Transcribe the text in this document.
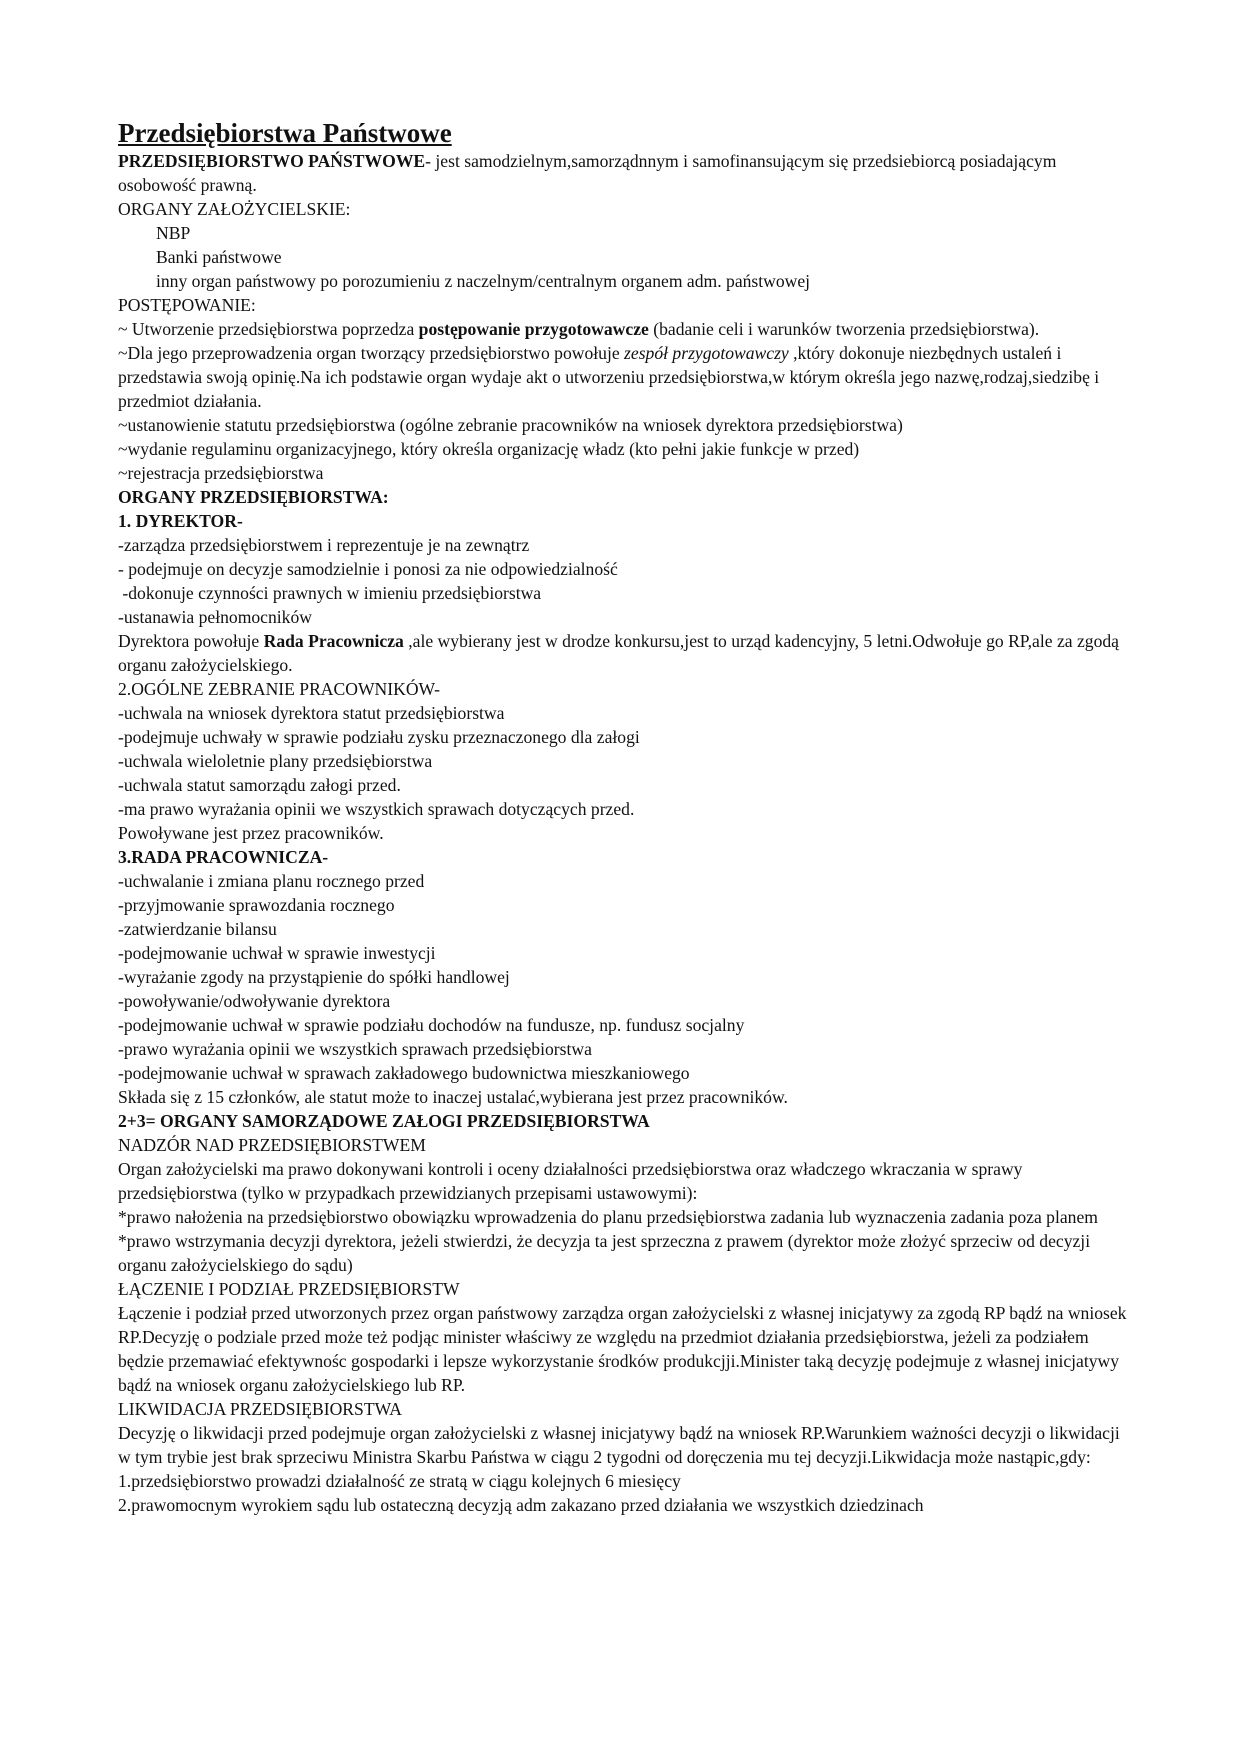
Przedsiębiorstwa Państwowe

PRZEDSIĘBIORSTWO PAŃSTWOWE- jest samodzielnym,samorządnnym i samofinansującym się przedsiebiorcą posiadającym osobowość prawną.

ORGANY ZAŁOŻYCIELSKIE:

NBP

Banki państwowe

inny organ państwowy po porozumieniu z naczelnym/centralnym organem adm. państwowej

POSTĘPOWANIE:

~ Utworzenie przedsiębiorstwa poprzedza postępowanie przygotowawcze (badanie celi i warunków tworzenia przedsiębiorstwa).

~Dla jego przeprowadzenia organ tworzący przedsiębiorstwo powołuje zespół przygotowawczy ,który dokonuje niezbędnych ustaleń i przedstawia swoją opinię.Na ich podstawie organ wydaje akt o utworzeniu przedsiębiorstwa,w którym określa jego nazwę,rodzaj,siedzibę i przedmiot działania.

~ustanowienie statutu przedsiębiorstwa (ogólne zebranie pracowników na wniosek dyrektora przedsiębiorstwa)

~wydanie regulaminu organizacyjnego, który określa organizację władz (kto pełni jakie funkcje w przed)

~rejestracja przedsiębiorstwa

ORGANY PRZEDSIĘBIORSTWA:

1. DYREKTOR-

-zarządza przedsiębiorstwem i reprezentuje je na zewnątrz

- podejmuje on decyzje samodzielnie i ponosi za nie odpowiedzialność

-dokonuje czynności prawnych w imieniu przedsiębiorstwa

-ustanawia pełnomocników

Dyrektora powołuje Rada Pracownicza ,ale wybierany jest w drodze konkursu,jest to urząd kadencyjny, 5 letni.Odwołuje go RP,ale za zgodą organu założycielskiego.

2.OGÓLNE ZEBRANIE PRACOWNIKÓW-

-uchwala na wniosek dyrektora statut przedsiębiorstwa

-podejmuje uchwały w sprawie podziału zysku przeznaczonego dla załogi

-uchwala wieloletnie plany przedsiębiorstwa

-uchwala statut samorządu załogi przed.

-ma prawo wyrażania opinii we wszystkich sprawach dotyczących przed.

Powoływane jest przez pracowników.

3.RADA PRACOWNICZA-

-uchwalanie i zmiana planu rocznego przed

-przyjmowanie sprawozdania rocznego

-zatwierdzanie bilansu

-podejmowanie uchwał w sprawie inwestycji

-wyrażanie zgody na przystąpienie do spółki handlowej

-powoływanie/odwoływanie dyrektora

-podejmowanie uchwał w sprawie podziału dochodów na fundusze, np. fundusz socjalny

-prawo wyrażania opinii we wszystkich sprawach przedsiębiorstwa

-podejmowanie uchwał w sprawach zakładowego budownictwa mieszkaniowego

Składa się z 15 członków, ale statut może to inaczej ustalać,wybierana jest przez pracowników.

2+3= ORGANY SAMORZĄDOWE ZAŁOGI PRZEDSIĘBIORSTWA

NADZÓR NAD PRZEDSIĘBIORSTWEM

Organ założycielski ma prawo dokonywani kontroli i oceny działalności przedsiębiorstwa oraz władczego wkraczania w sprawy przedsiębiorstwa (tylko w przypadkach przewidzianych przepisami ustawowymi):

*prawo nałożenia na przedsiębiorstwo obowiązku wprowadzenia do planu przedsiębiorstwa zadania lub wyznaczenia zadania poza planem

*prawo wstrzymania decyzji dyrektora, jeżeli stwierdzi, że decyzja ta jest sprzeczna z prawem (dyrektor może złożyć sprzeciw od decyzji organu założycielskiego do sądu)

ŁĄCZENIE I PODZIAŁ PRZEDSIĘBIORSTW

Łączenie i podział przed utworzonych przez organ państwowy zarządza organ założycielski z własnej inicjatywy za zgodą RP bądź na wniosek RP.Decyzję o podziale przed może też podjąc minister właściwy ze względu na przedmiot działania przedsiębiorstwa, jeżeli za podziałem będzie przemawiać efektywnośc gospodarki i lepsze wykorzystanie środków produkcjji.Minister taką decyzję podejmuje z własnej inicjatywy bądź na wniosek organu założycielskiego lub RP.

LIKWIDACJA PRZEDSIĘBIORSTWA

Decyzję o likwidacji przed podejmuje organ założycielski z własnej inicjatywy bądź na wniosek RP.Warunkiem ważności decyzji o likwidacji w tym trybie jest brak sprzeciwu Ministra Skarbu Państwa w ciągu 2 tygodni od doręczenia mu tej decyzji.Likwidacja może nastąpic,gdy:

1.przedsiębiorstwo prowadzi działalność ze stratą w ciągu kolejnych 6 miesięcy

2.prawomocnym wyrokiem sądu lub ostateczną decyzją adm zakazano przed działania we wszystkich dziedzinach
